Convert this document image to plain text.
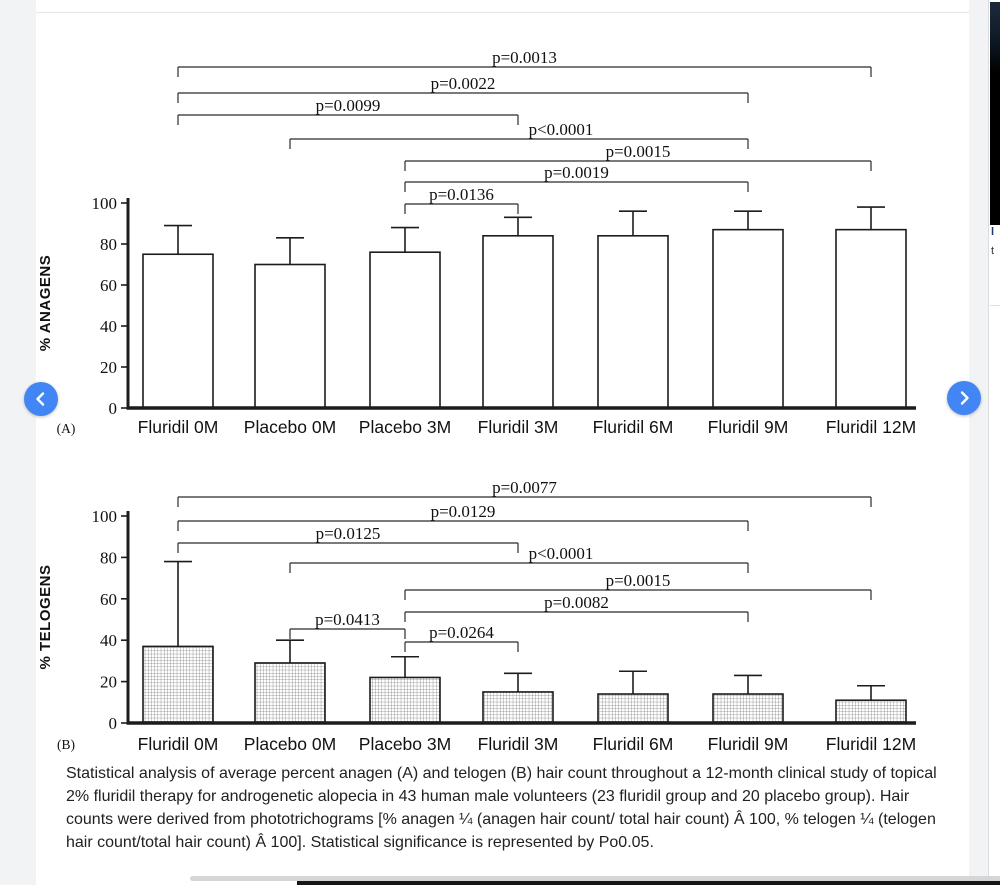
p=0.0013
p=0.0022
p=0.0099
p<0.0001
p=0.0015
p=0.0019
p=0.0136
0
20
40
60
80
100
% ANAGENS
Fluridil 0M Placebo 0M Placebo 3M Fluridil 3M Fluridil 6M Fluridil 9M Fluridil 12M
(A)
p=0.0077
p=0.0129
p=0.0125
p<0.0001
p=0.0015
p=0.0082
p=0.0413
p=0.0264
0
20
40
60
80
100
% TELOGENS
Fluridil 0M Placebo 0M Placebo 3M Fluridil 3M Fluridil 6M Fluridil 9M Fluridil 12M
(B)

Statistical analysis of average percent anagen (A) and telogen (B) hair count throughout a 12-month clinical study of topical 2% fluridil therapy for androgenetic alopecia in 43 human male volunteers (23 fluridil group and 20 placebo group). Hair counts were derived from phototrichograms [% anagen ¼ (anagen hair count/ total hair count) Â 100, % telogen ¼ (telogen hair count/total hair count) Â 100]. Statistical significance is represented by Po0.05.

l
t
